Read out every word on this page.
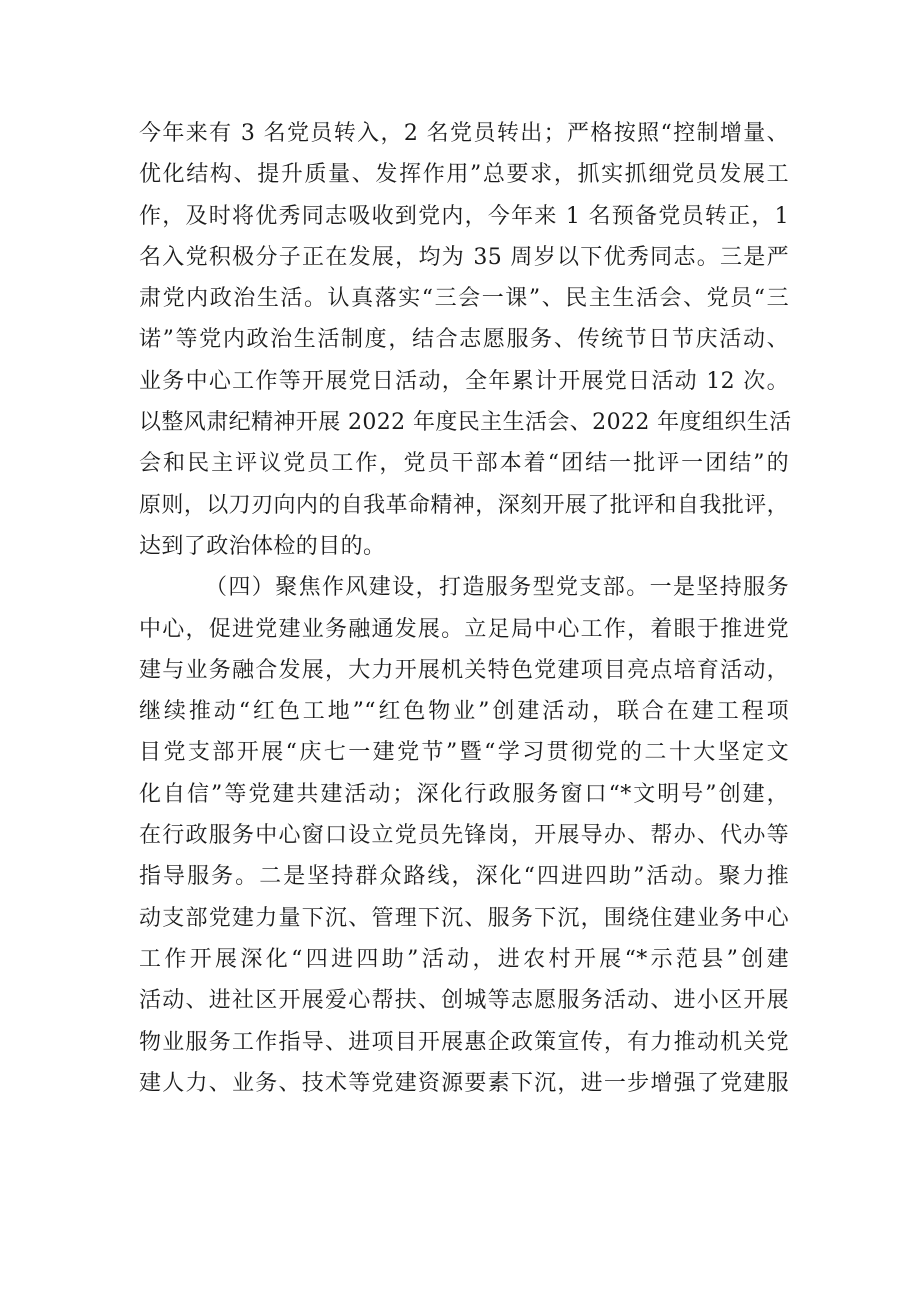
今年来有 3 名党员转入，2 名党员转出；严格按照“控制增量、
优化结构、提升质量、发挥作用”总要求，抓实抓细党员发展工
作，及时将优秀同志吸收到党内，今年来 1 名预备党员转正，1
名入党积极分子正在发展，均为 35 周岁以下优秀同志。三是严
肃党内政治生活。认真落实“三会一课”、民主生活会、党员“三
诺”等党内政治生活制度，结合志愿服务、传统节日节庆活动、
业务中心工作等开展党日活动，全年累计开展党日活动 12 次。
以整风肃纪精神开展 2022 年度民主生活会、2022 年度组织生活
会和民主评议党员工作，党员干部本着“团结一批评一团结”的
原则，以刀刃向内的自我革命精神，深刻开展了批评和自我批评，
达到了政治体检的目的。
（四）聚焦作风建设，打造服务型党支部。一是坚持服务
中心，促进党建业务融通发展。立足局中心工作，着眼于推进党
建与业务融合发展，大力开展机关特色党建项目亮点培育活动，
继续推动“红色工地”“红色物业”创建活动，联合在建工程项
目党支部开展“庆七一建党节”暨“学习贯彻党的二十大坚定文
化自信”等党建共建活动；深化行政服务窗口“*文明号”创建，
在行政服务中心窗口设立党员先锋岗，开展导办、帮办、代办等
指导服务。二是坚持群众路线，深化“四进四助”活动。聚力推
动支部党建力量下沉、管理下沉、服务下沉，围绕住建业务中心
工作开展深化“四进四助”活动，进农村开展“*示范县”创建
活动、进社区开展爱心帮扶、创城等志愿服务活动、进小区开展
物业服务工作指导、进项目开展惠企政策宣传，有力推动机关党
建人力、业务、技术等党建资源要素下沉，进一步增强了党建服
